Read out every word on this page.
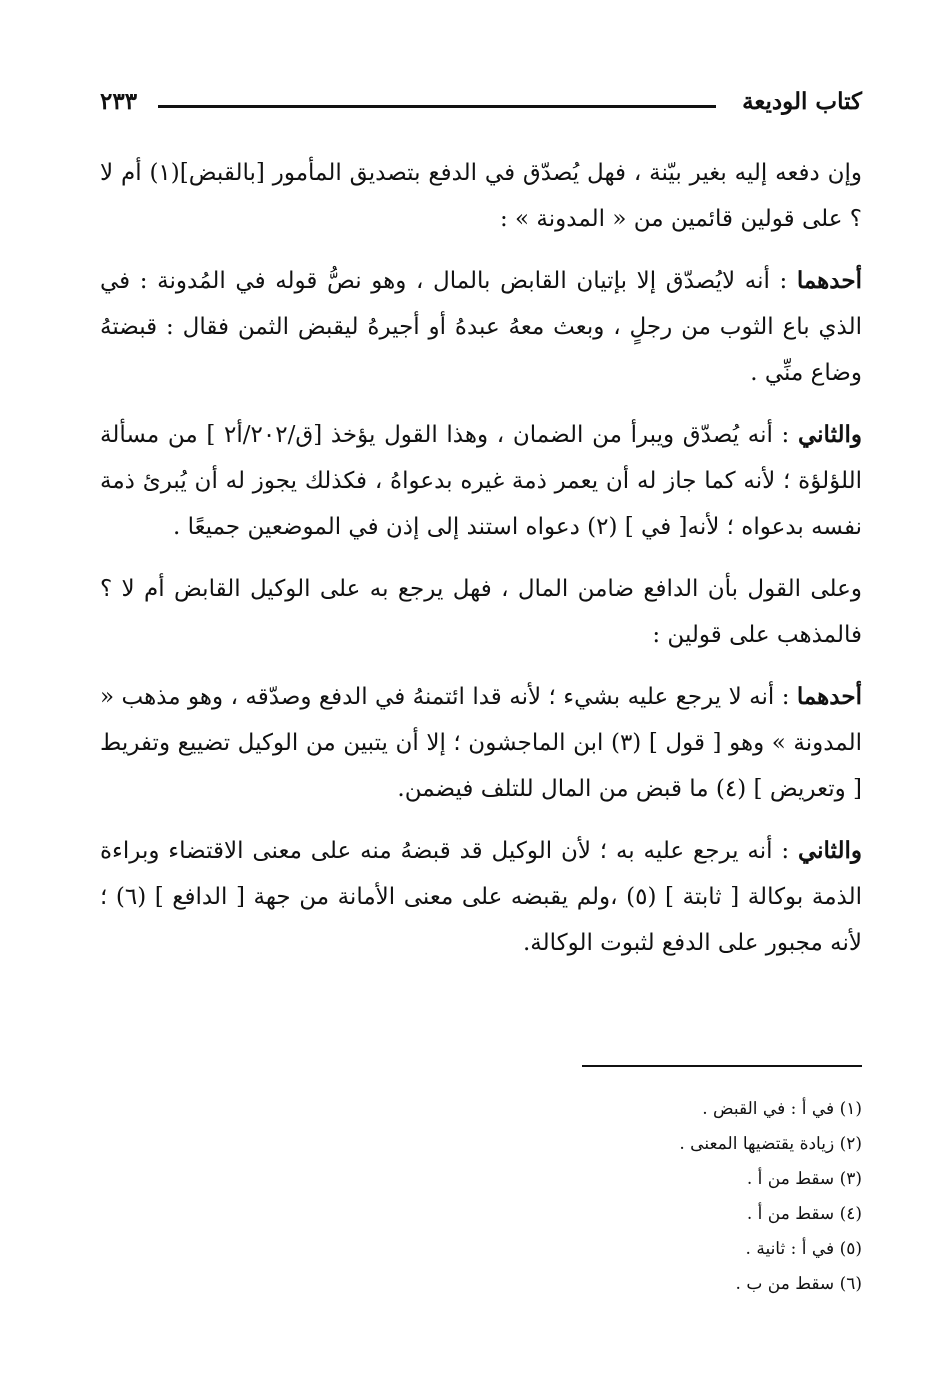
كتاب الوديعة
٢٣٣

وإن دفعه إليه بغير بيّنة ، فهل يُصدّق في الدفع بتصديق المأمور [بالقبض](١) أم لا ؟ على قولين قائمين من « المدونة » :

أحدهما : أنه لايُصدّق إلا بإتيان القابض بالمال ، وهو نصُّ قوله في المُدونة : في الذي باع الثوب من رجلٍ ، وبعث معهُ عبدهُ أو أجيرهُ ليقبض الثمن فقال : قبضتهُ وضاع منِّي .

والثاني : أنه يُصدّق ويبرأ من الضمان ، وهذا القول يؤخذ [ق/٢٠٢/أ٢ ] من مسألة اللؤلؤة ؛ لأنه كما جاز له أن يعمر ذمة غيره بدعواهُ ، فكذلك يجوز له أن يُبرئ ذمة نفسه بدعواه ؛ لأنه[ في ] (٢) دعواه استند إلى إذن في الموضعين جميعًا .

وعلى القول بأن الدافع ضامن المال ، فهل يرجع به على الوكيل القابض أم لا ؟ فالمذهب على قولين :

أحدهما : أنه لا يرجع عليه بشيء ؛ لأنه قدا ائتمنهُ في الدفع وصدّقه ، وهو مذهب « المدونة » وهو [ قول ] (٣) ابن الماجشون ؛ إلا أن يتبين من الوكيل تضييع وتفريط [ وتعريض ] (٤) ما قبض من المال للتلف فيضمن.

والثاني : أنه يرجع عليه به ؛ لأن الوكيل قد قبضهُ منه على معنى الاقتضاء وبراءة الذمة بوكالة [ ثابتة ] (٥) ،ولم يقبضه على معنى الأمانة من جهة [ الدافع ] (٦) ؛ لأنه مجبور على الدفع لثبوت الوكالة.

(١) في أ : في القبض .
(٢) زيادة يقتضيها المعنى .
(٣) سقط من أ .
(٤) سقط من أ .
(٥) في أ : ثانية .
(٦) سقط من ب .
